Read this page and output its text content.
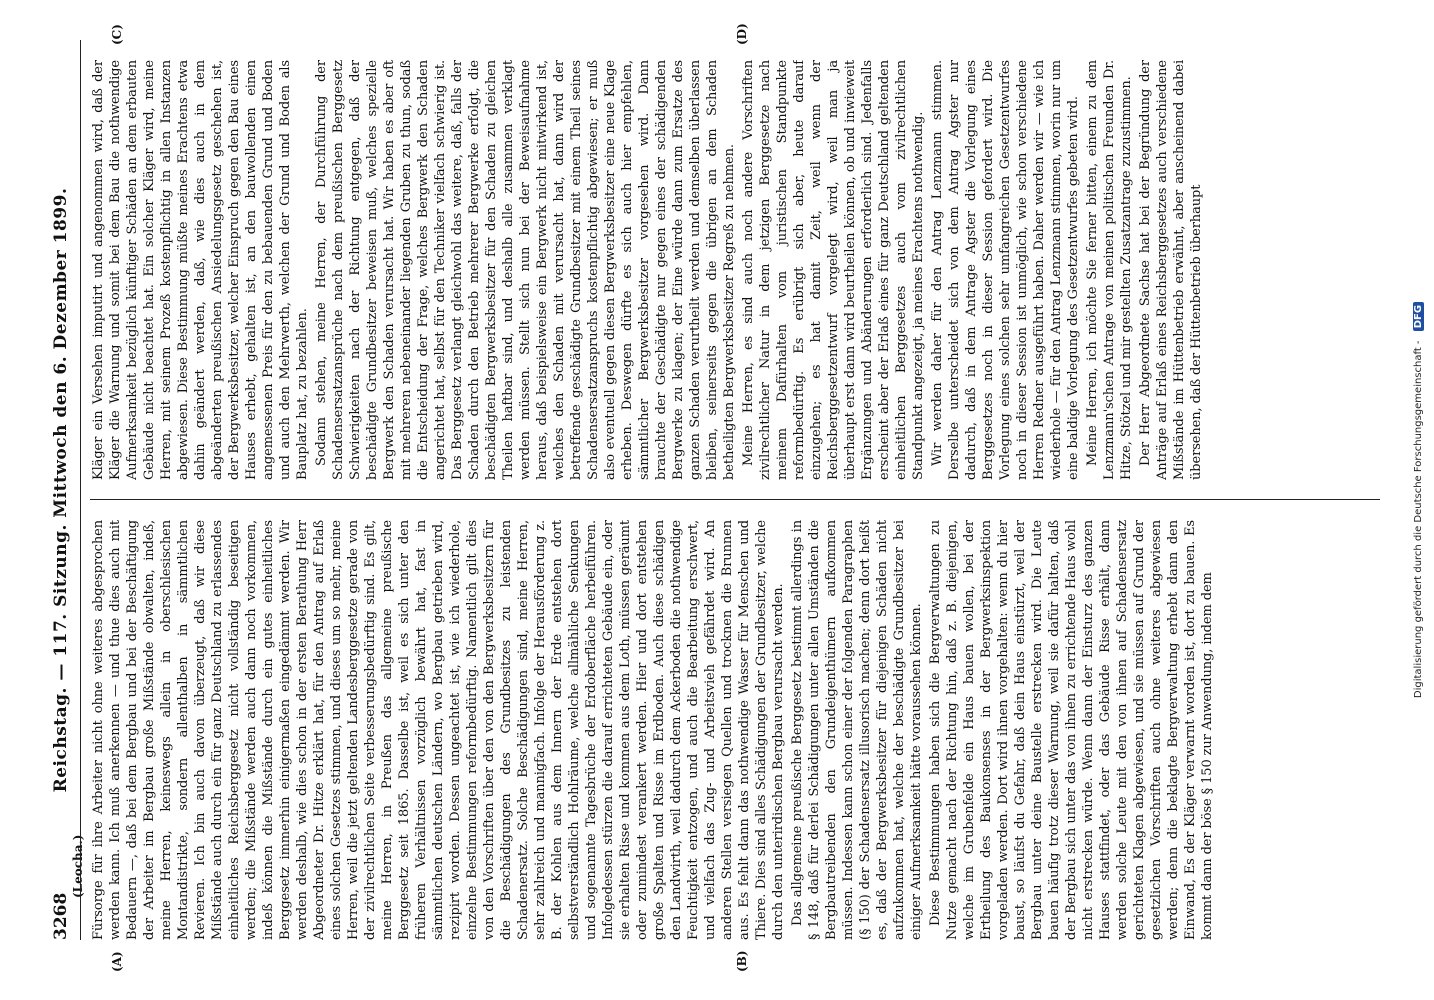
3268
Reichstag. — 117. Sitzung. Mittwoch den 6. Dezember 1899.
(Leocha.)
(A)	(B)
(C)	(D)

Fürsorge für ihre Arbeiter nicht ohne weiteres abgesprochen werden kann. Ich muß anerkennen — und thue dies auch mit Bedauern —, daß bei dem Bergbau und bei der Beschäftigung der Arbeiter im Bergbau große Mißstände obwalten, indeß, meine Herren, keineswegs allein in oberschlesischen Montandistrikte, sondern allenthalben in sämmtlichen Revieren. Ich bin auch davon überzeugt, daß wir diese Mißstände auch durch ein für ganz Deutschland zu erlassendes einheitliches Reichsberggesetz nicht vollständig beseitigen werden; die Mißstände werden auch dann noch vorkommen, indeß können die Mißstände durch ein gutes einheitliches Berggesetz immerhin einigermaßen eingedämmt werden. Wir werden deshalb, wie dies schon in der ersten Berathung Herr Abgeordneter Dr. Hitze erklärt hat, für den Antrag auf Erlaß eines solchen Gesetzes stimmen, und dieses um so mehr, meine Herren, weil die jetzt geltenden Landesberggesetze gerade von der zivilrechtlichen Seite verbesserungsbedürftig sind. Es gilt, meine Herren, in Preußen das allgemeine preußische Berggesetz seit 1865. Dasselbe ist, weil es sich unter den früheren Verhältnissen vorzüglich bewährt hat, fast in sämmtlichen deutschen Ländern, wo Bergbau getrieben wird, rezipirt worden. Dessen ungeachtet ist, wie ich wiederhole, einzelne Bestimmungen reformbedürftig. Namentlich gilt dies von den Vorschriften über den von den Bergwerksbesitzern für die Beschädigungen des Grundbesitzes zu leistenden Schadenersatz. Solche Beschädigungen sind, meine Herren, sehr zahlreich und mannigfach. Infolge der Herausförderung z. B. der Kohlen aus dem Innern der Erde entstehen dort selbstverständlich Hohlräume, welche allmähliche Senkungen und sogenannte Tagesbrüche der Erdoberfläche herbeiführen. Infolgedessen stürzen die darauf errichteten Gebäude ein, oder sie erhalten Risse und kommen aus dem Loth, müssen geräumt oder zumindest verankert werden. Hier und dort entstehen große Spalten und Risse im Erdboden. Auch diese schädigen den Landwirth, weil dadurch dem Ackerboden die nothwendige Feuchtigkeit entzogen, und auch die Bearbeitung erschwert, und vielfach das Zug- und Arbeitsvieh gefährdet wird. An anderen Stellen versiegen Quellen und trocknen die Brunnen aus. Es fehlt dann das nothwendige Wasser für Menschen und Thiere. Dies sind alles Schädigungen der Grundbesitzer, welche durch den unterirdischen Bergbau verursacht werden. Das allgemeine preußische Berggesetz bestimmt allerdings in § 148, daß für derlei Schädigungen unter allen Umständen die Bergbautreibenden den Grundeigenthümern aufkommen müssen. Indessen kann schon einer der folgenden Paragraphen (§ 150) der Schadensersatz illusorisch machen; denn dort heißt es, daß der Bergwerksbesitzer für diejenigen Schäden nicht aufzukommen hat, welche der beschädigte Grundbesitzer bei einiger Aufmerksamkeit hätte voraussehen können. Diese Bestimmungen haben sich die Bergverwaltungen zu Nutze gemacht nach der Richtung hin, daß z. B. diejenigen, welche im Grubenfelde ein Haus bauen wollen, bei der Ertheilung des Baukonsenses in der Bergwerksinspektion vorgeladen werden. Dort wird ihnen vorgehalten: wenn du hier baust, so läufst du Gefahr, daß dein Haus einstürzt, weil der Bergbau unter deine Baustelle erstrecken wird. Die Leute bauen häufig trotz dieser Warnung, weil sie dafür halten, daß der Bergbau sich unter das von ihnen zu errichtende Haus wohl nicht erstrecken würde. Wenn dann der Einsturz des ganzen Hauses stattfindet, oder das Gebäude Risse erhält, dann werden solche Leute mit den von ihnen auf Schadensersatz gerichteten Klagen abgewiesen, und sie müssen auf Grund der gesetzlichen Vorschriften auch ohne weiteres abgewiesen werden; denn die beklagte Bergverwaltung erhebt dann den Einwand, Es der Kläger verwarnt worden ist, dort zu bauen. Es kommt dann der böse § 150 zur Anwendung, indem dem

Kläger ein Versehen imputirt und angenommen wird, daß der Kläger die Warnung und somit bei dem Bau die nothwendige Aufmerksamkeit bezüglich künftiger Schäden an dem erbauten Gebäude nicht beachtet hat. Ein solcher Kläger wird, meine Herren, mit seinem Prozeß kostenpflichtig in allen Instanzen abgewiesen. Diese Bestimmung müßte meines Erachtens etwa dahin geändert werden, daß, wie dies auch in dem abgeänderten preußischen Ansiedelungsgesetz geschehen ist, der Bergwerksbesitzer, welcher Einspruch gegen den Bau eines Hauses erhebt, gehalten ist, an den bauwollenden einen angemessenen Preis für den zu bebauenden Grund und Boden und auch den Mehrwerth, welchen der Grund und Boden als Bauplatz hat, zu bezahlen. Sodann stehen, meine Herren, der Durchführung der Schadensersatzansprüche nach dem preußischen Berggesetz Schwierigkeiten nach der Richtung entgegen, daß der beschädigte Grundbesitzer beweisen muß, welches spezielle Bergwerk den Schaden verursacht hat. Wir haben es aber oft mit mehreren nebeneinander liegenden Gruben zu thun, sodaß die Entscheidung der Frage, welches Bergwerk den Schaden angerichtet hat, selbst für den Techniker vielfach schwierig ist. Das Berggesetz verlangt gleichwohl das weitere, daß, falls der Schaden durch den Betrieb mehrerer Bergwerke erfolgt, die beschädigten Bergwerksbesitzer für den Schaden zu gleichen Theilen haftbar sind, und deshalb alle zusammen verklagt werden müssen. Stellt sich nun bei der Beweisaufnahme heraus, daß beispielsweise ein Bergwerk nicht mitwirkend ist, welches den Schaden mit verursacht hat, dann wird der betreffende geschädigte Grundbesitzer mit einem Theil seines Schadensersatzanspruchs kostenpflichtig abgewiesen; er muß also eventuell gegen diesen Bergwerksbesitzer eine neue Klage erheben. Deswegen dürfte es sich auch hier empfehlen, sämmtlicher Bergwerksbesitzer vorgesehen wird. Dann brauchte der Geschädigte nur gegen eines der schädigenden Bergwerke zu klagen; der Eine würde dann zum Ersatze des ganzen Schaden verurtheilt werden und demselben überlassen bleiben, seinerseits gegen die übrigen an dem Schaden betheiligten Bergwerksbesitzer Regreß zu nehmen. Meine Herren, es sind auch noch andere Vorschriften zivilrechtlicher Natur in dem jetzigen Berggesetze nach meinem Dafürhalten vom juristischen Standpunkte reformbedürftig. Es erübrigt sich aber, heute darauf einzugehen; es hat damit Zeit, weil wenn der Reichsberggesetzentwurf vorgelegt wird, weil man ja überhaupt erst dann wird beurtheilen können, ob und inwieweit Ergänzungen und Abänderungen erforderlich sind. Jedenfalls erscheint aber der Erlaß eines für ganz Deutschland geltenden einheitlichen Berggesetzes auch vom zivilrechtlichen Standpunkt angezeigt, ja meines Erachtens nothwendig. Wir werden daher für den Antrag Lenzmann stimmen. Derselbe unterscheidet sich von dem Antrag Agster nur dadurch, daß in dem Antrage Agster die Vorlegung eines Berggesetzes noch in dieser Session gefordert wird. Die Vorlegung eines solchen sehr umfangreichen Gesetzentwurfes noch in dieser Session ist unmöglich, wie schon verschiedene Herren Redner ausgeführt haben. Daher werden wir — wie ich wiederhole — für den Antrag Lenzmann stimmen, worin nur um eine baldige Vorlegung des Gesetzentwurfes gebeten wird. Meine Herren, ich möchte Sie ferner bitten, einem zu dem Lenzmann'schen Antrage von meinen politischen Freunden Dr. Hitze, Stötzel und mir gestellten Zusatzantrage zuzustimmen. Der Herr Abgeordnete Sachse hat bei der Begründung der Anträge auf Erlaß eines Reichsberggesetzes auch verschiedene Mißstände im Hüttenbetrieb erwähnt, aber anscheinend dabei übersehen, daß der Hüttenbetrieb überhaupt

Digitalisierung gefördert durch die Deutsche Forschungsgemeinschaft - DFG
